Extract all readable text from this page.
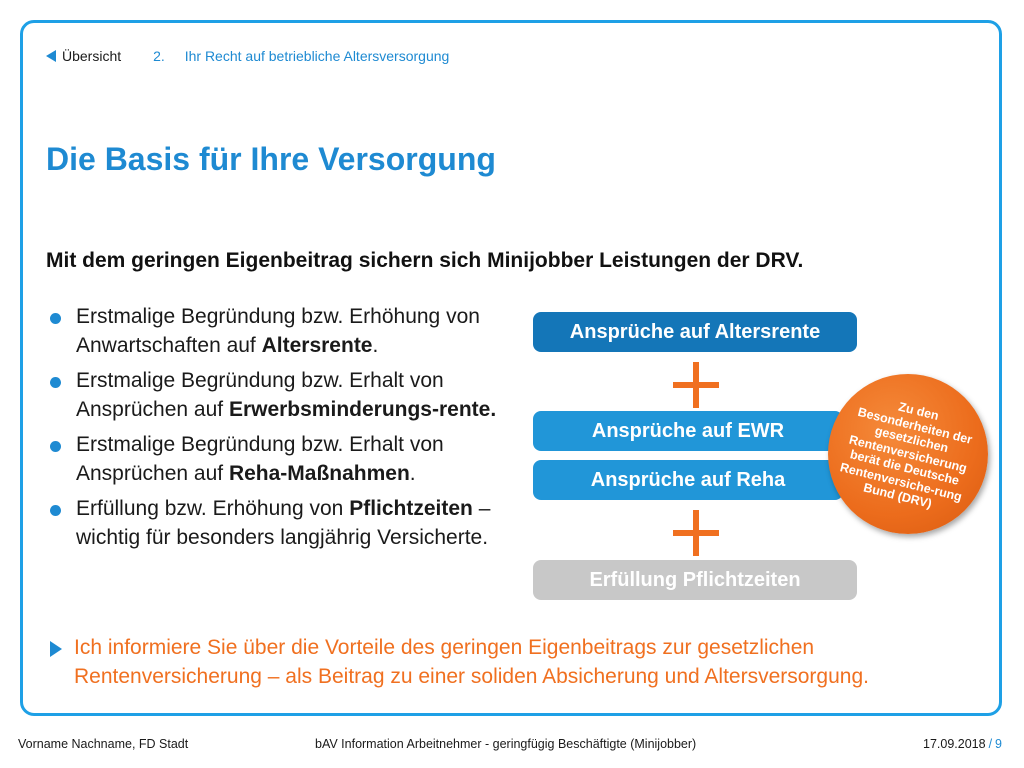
Übersicht 2. Ihr Recht auf betriebliche Altersversorgung
Die Basis für Ihre Versorgung

Mit dem geringen Eigenbeitrag sichern sich Minijobber Leistungen der DRV.

Erstmalige Begründung bzw. Erhöhung von Anwartschaften auf Altersrente.
Erstmalige Begründung bzw. Erhalt von Ansprüchen auf Erwerbsminderungs-rente.
Erstmalige Begründung bzw. Erhalt von Ansprüchen auf Reha-Maßnahmen.
Erfüllung bzw. Erhöhung von Pflichtzeiten – wichtig für besonders langjährig Versicherte.
Ansprüche auf Altersrente
Ansprüche auf EWR
Ansprüche auf Reha
Erfüllung Pflichtzeiten
Zu den Besonderheiten der gesetzlichen Rentenversicherung berät die Deutsche Rentenversiche-rung Bund (DRV)
Ich informiere Sie über die Vorteile des geringen Eigenbeitrags zur gesetzlichen Rentenversicherung – als Beitrag zu einer soliden Absicherung und Altersversorgung.
Vorname Nachname, FD Stadt	bAV Information Arbeitnehmer - geringfügig Beschäftigte (Minijobber)	17.09.2018 / 9
